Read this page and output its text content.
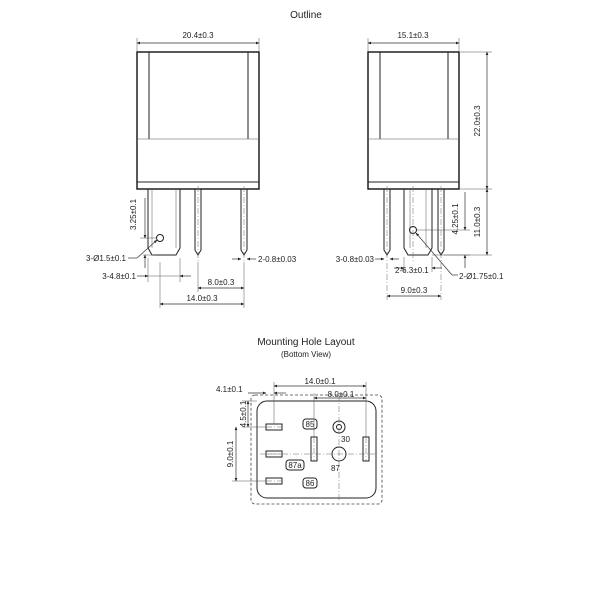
Outline
20.4±0.3
3.25±0.1
3-Ø1.5±0.1
3-4.8±0.1
2-0.8±0.03
8.0±0.3
14.0±0.3
15.1±0.3
22.0±0.3
11.0±0.3
4.25±0.1
3-0.8±0.03
2-6.3±0.1
2-Ø1.75±0.1
9.0±0.3
Mounting Hole Layout
(Bottom View)
85
30
87a	87
86
14.0±0.1
8.0±0.1
4.1±0.1
4.5±0.1
9.0±0.1
